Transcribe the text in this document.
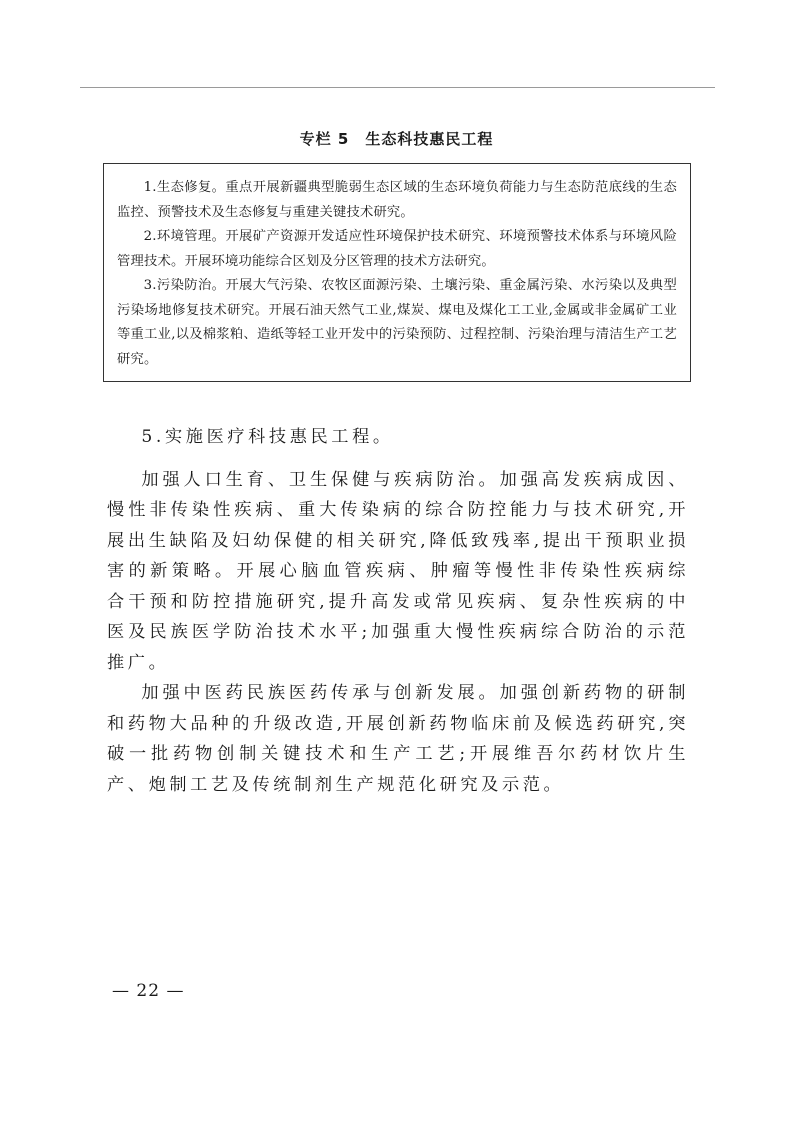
专栏 5 生态科技惠民工程

1.生态修复。重点开展新疆典型脆弱生态区域的生态环境负荷能力与生态防范底线的生态监控、预警技术及生态修复与重建关键技术研究。

2.环境管理。开展矿产资源开发适应性环境保护技术研究、环境预警技术体系与环境风险管理技术。开展环境功能综合区划及分区管理的技术方法研究。

3.污染防治。开展大气污染、农牧区面源污染、土壤污染、重金属污染、水污染以及典型污染场地修复技术研究。开展石油天然气工业,煤炭、煤电及煤化工工业,金属或非金属矿工业等重工业,以及棉浆粕、造纸等轻工业开发中的污染预防、过程控制、污染治理与清洁生产工艺研究。

5.实施医疗科技惠民工程。

加强人口生育、卫生保健与疾病防治。加强高发疾病成因、慢性非传染性疾病、重大传染病的综合防控能力与技术研究,开展出生缺陷及妇幼保健的相关研究,降低致残率,提出干预职业损害的新策略。开展心脑血管疾病、肿瘤等慢性非传染性疾病综合干预和防控措施研究,提升高发或常见疾病、复杂性疾病的中医及民族医学防治技术水平;加强重大慢性疾病综合防治的示范推广。

加强中医药民族医药传承与创新发展。加强创新药物的研制和药物大品种的升级改造,开展创新药物临床前及候选药研究,突破一批药物创制关键技术和生产工艺;开展维吾尔药材饮片生产、炮制工艺及传统制剂生产规范化研究及示范。

— 22 —
